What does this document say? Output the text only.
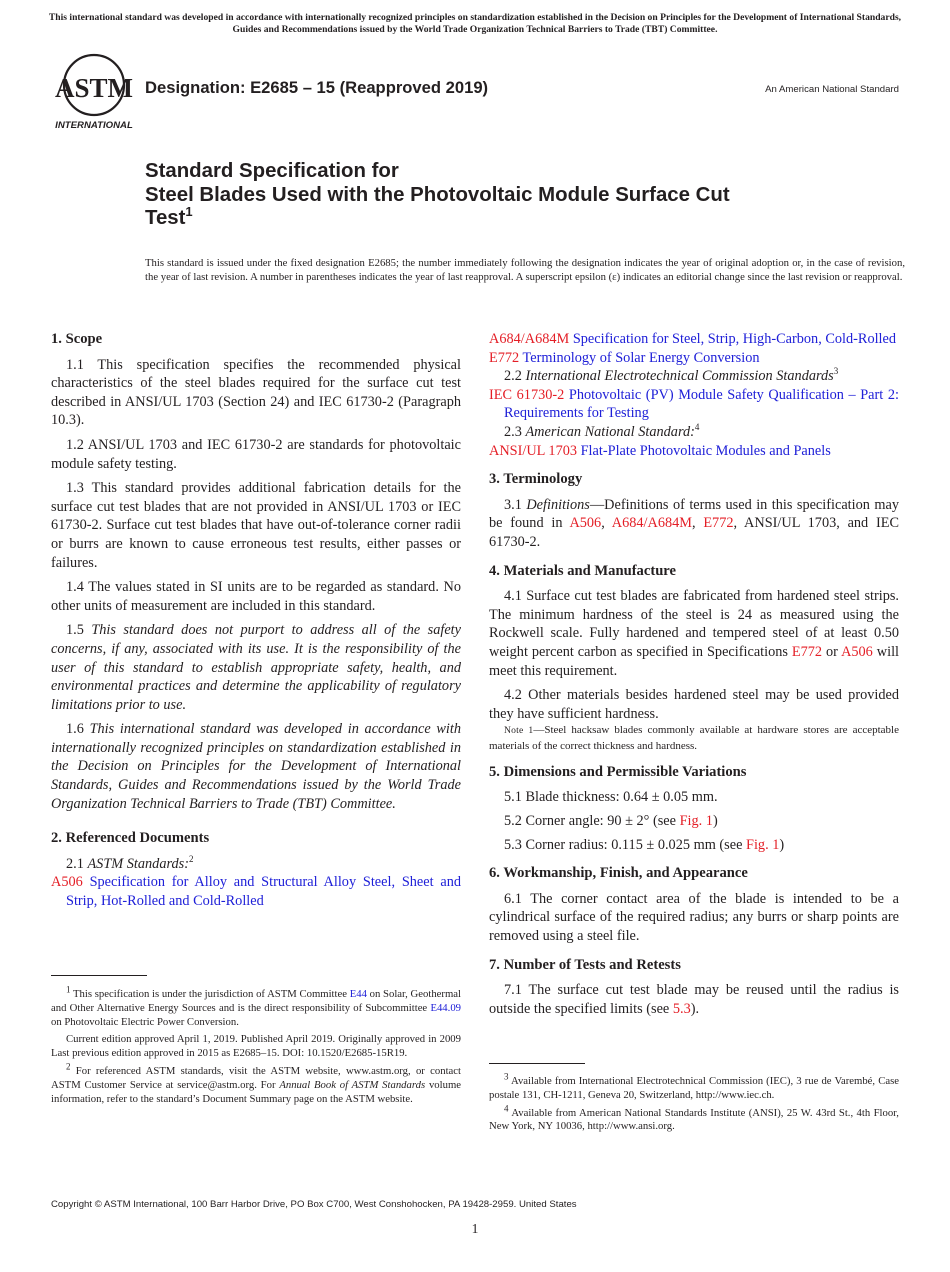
This international standard was developed in accordance with internationally recognized principles on standardization established in the Decision on Principles for the Development of International Standards, Guides and Recommendations issued by the World Trade Organization Technical Barriers to Trade (TBT) Committee.
ASTM
INTERNATIONAL
Designation: E2685 – 15 (Reapproved 2019)	An American National Standard
Standard Specification for
Steel Blades Used with the Photovoltaic Module Surface Cut
Test$^1$
This standard is issued under the fixed designation E2685; the number immediately following the designation indicates the year of original adoption or, in the case of revision, the year of last revision. A number in parentheses indicates the year of last reapproval. A superscript epsilon (ε) indicates an editorial change since the last revision or reapproval.
1. Scope

1.1 This specification specifies the recommended physical characteristics of the steel blades required for the surface cut test described in ANSI/UL 1703 (Section 24) and IEC 61730-2 (Paragraph 10.3).

1.2 ANSI/UL 1703 and IEC 61730-2 are standards for photovoltaic module safety testing.

1.3 This standard provides additional fabrication details for the surface cut test blades that are not provided in ANSI/UL 1703 or IEC 61730-2. Surface cut test blades that have out-of-tolerance corner radii or burrs are known to cause erroneous test results, either passes or failures.

1.4 The values stated in SI units are to be regarded as standard. No other units of measurement are included in this standard.

1.5 This standard does not purport to address all of the safety concerns, if any, associated with its use. It is the responsibility of the user of this standard to establish appropriate safety, health, and environmental practices and determine the applicability of regulatory limitations prior to use.

1.6 This international standard was developed in accordance with internationally recognized principles on standardization established in the Decision on Principles for the Development of International Standards, Guides and Recommendations issued by the World Trade Organization Technical Barriers to Trade (TBT) Committee.

2. Referenced Documents

2.1 ASTM Standards:$^2$

A506 Specification for Alloy and Structural Alloy Steel, Sheet and Strip, Hot-Rolled and Cold-Rolled

$^1$ This specification is under the jurisdiction of ASTM Committee E44 on Solar, Geothermal and Other Alternative Energy Sources and is the direct responsibility of Subcommittee E44.09 on Photovoltaic Electric Power Conversion.

Current edition approved April 1, 2019. Published April 2019. Originally approved in 2009 Last previous edition approved in 2015 as E2685–15. DOI: 10.1520/E2685-15R19.

$^2$ For referenced ASTM standards, visit the ASTM website, www.astm.org, or contact ASTM Customer Service at service@astm.org. For Annual Book of ASTM Standards volume information, refer to the standard’s Document Summary page on the ASTM website.

A684/A684M Specification for Steel, Strip, High-Carbon, Cold-Rolled

E772 Terminology of Solar Energy Conversion

2.2 International Electrotechnical Commission Standards$^3$

IEC 61730-2 Photovoltaic (PV) Module Safety Qualification – Part 2: Requirements for Testing

2.3 American National Standard:$^4$

ANSI/UL 1703 Flat-Plate Photovoltaic Modules and Panels

3. Terminology

3.1 Definitions—Definitions of terms used in this specification may be found in A506, A684/A684M, E772, ANSI/UL 1703, and IEC 61730-2.

4. Materials and Manufacture

4.1 Surface cut test blades are fabricated from hardened steel strips. The minimum hardness of the steel is 24 as measured using the Rockwell scale. Fully hardened and tempered steel of at least 0.50 weight percent carbon as specified in Specifications E772 or A506 will meet this requirement.

4.2 Other materials besides hardened steel may be used provided they have sufficient hardness.

Note 1—Steel hacksaw blades commonly available at hardware stores are acceptable materials of the correct thickness and hardness.

5. Dimensions and Permissible Variations

5.1 Blade thickness: 0.64 ± 0.05 mm.

5.2 Corner angle: 90 ± 2° (see Fig. 1)

5.3 Corner radius: 0.115 ± 0.025 mm (see Fig. 1)

6. Workmanship, Finish, and Appearance

6.1 The corner contact area of the blade is intended to be a cylindrical surface of the required radius; any burrs or sharp points are removed using a steel file.

7. Number of Tests and Retests

7.1 The surface cut test blade may be reused until the radius is outside the specified limits (see 5.3).

$^3$ Available from International Electrotechnical Commission (IEC), 3 rue de Varembé, Case postale 131, CH-1211, Geneva 20, Switzerland, http://www.iec.ch.

$^4$ Available from American National Standards Institute (ANSI), 25 W. 43rd St., 4th Floor, New York, NY 10036, http://www.ansi.org.

Copyright © ASTM International, 100 Barr Harbor Drive, PO Box C700, West Conshohocken, PA 19428-2959. United States
1
